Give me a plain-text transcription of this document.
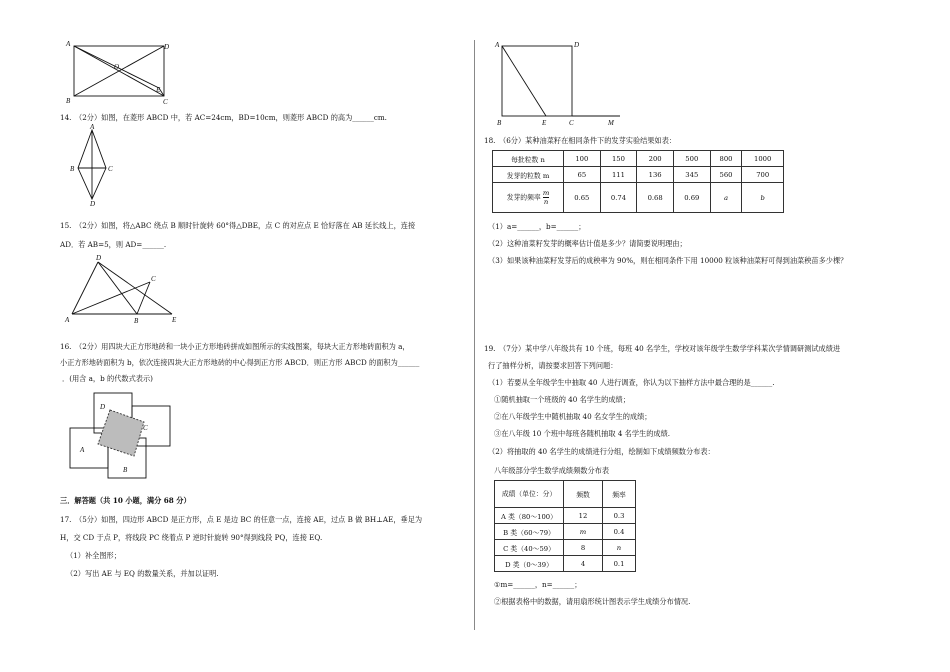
A	D
O
B
E
C
14.　（2分）如图，在菱形 ABCD 中，若 AC=24cm，BD=10cm，则菱形 ABCD 的高为______cm.
A
B	C
D
15.　（2分）如图，将△ABC 绕点 B 顺时针旋转 60°得△DBE，点 C 的对应点 E 恰好落在 AB 延长线上，连接
AD．若 AB=5，则 AD=______.
D
C
A	B	E
16.　（2分）用四块大正方形地砖和一块小正方形地砖拼成如图所示的实线图案，每块大正方形地砖面积为 a，
小正方形地砖面积为 b，依次连接四块大正方形地砖的中心得到正方形 ABCD．则正方形 ABCD 的面积为______
．(用含 a，b 的代数式表示)
D
C
A
B
三．解答题（共 10 小题，满分 68 分）
17.　（5分）如图，四边形 ABCD 是正方形，点 E 是边 BC 的任意一点，连接 AE，过点 B 做 BH⊥AE，垂足为
H，交 CD 于点 P，将线段 PC 绕着点 P 逆时针旋转 90°得到线段 PQ，连接 EQ.
（1）补全图形；
（2）写出 AE 与 EQ 的数量关系，并加以证明.
A	D
B	E	C	M
18.　（6分）某种油菜籽在相同条件下的发芽实验结果如表：
每批粒数 n	100	150	200	500	800	1000
发芽的粒数 m	65	111	136	345	560	700
发芽的频率 $\frac{m}{n}$	0.65	0.74	0.68	0.69	a	b
（1）a=______，b=______；
（2）这种油菜籽发芽的概率估计值是多少？请简要说明理由；
（3）如果该种油菜籽发芽后的成秧率为 90%，则在相同条件下用 10000 粒该种油菜籽可得到油菜秧苗多少棵？
19.　（7分）某中学八年级共有 10 个班，每班 40 名学生，学校对该年级学生数学学科某次学情调研测试成绩进
行了抽样分析，请按要求回答下列问题：
（1）若要从全年级学生中抽取 40 人进行调查，你认为以下抽样方法中最合理的是______.
①随机抽取一个班级的 40 名学生的成绩；
②在八年级学生中随机抽取 40 名女学生的成绩；
③在八年级 10 个班中每班各随机抽取 4 名学生的成绩.
（2）将抽取的 40 名学生的成绩进行分组，绘制如下成绩频数分布表：
八年级部分学生数学成绩频数分布表
成绩（单位：分）	频数	频率
A 类（80～100）	12	0.3
B 类（60～79）	m	0.4
C 类（40～59）	8	n
D 类（0～39）	4	0.1
①m=______，n=______；
②根据表格中的数据，请用扇形统计图表示学生成绩分布情况.
